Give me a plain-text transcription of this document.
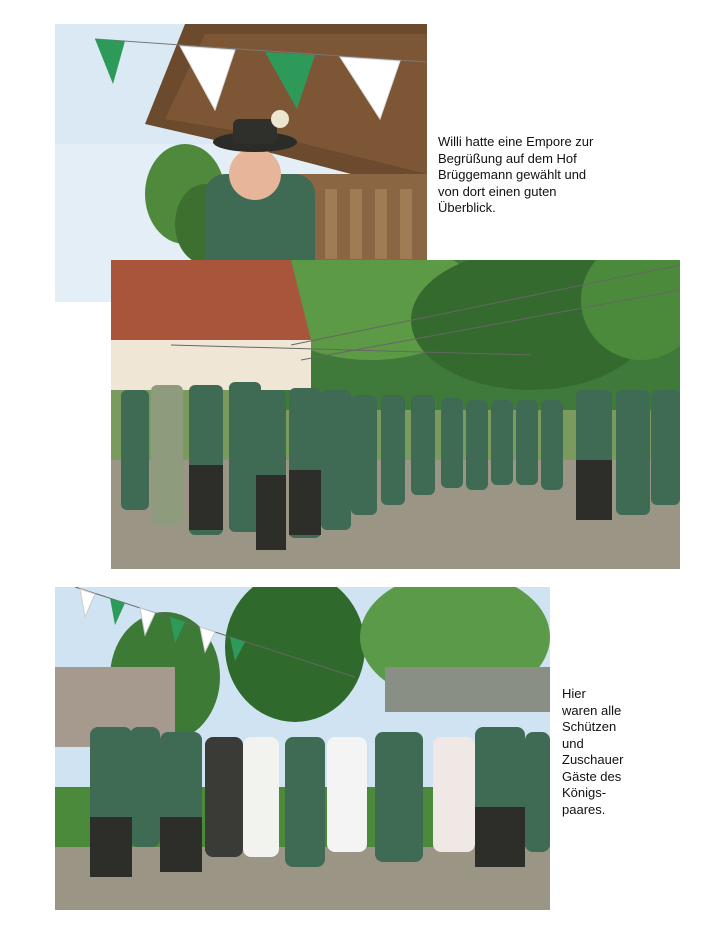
Willi hatte eine Empore zur
Begrüßung auf dem Hof
Brüggemann gewählt und
von dort einen guten
Überblick.
Hier
waren alle
Schützen
und
Zuschauer
Gäste des
Königs-
paares.
